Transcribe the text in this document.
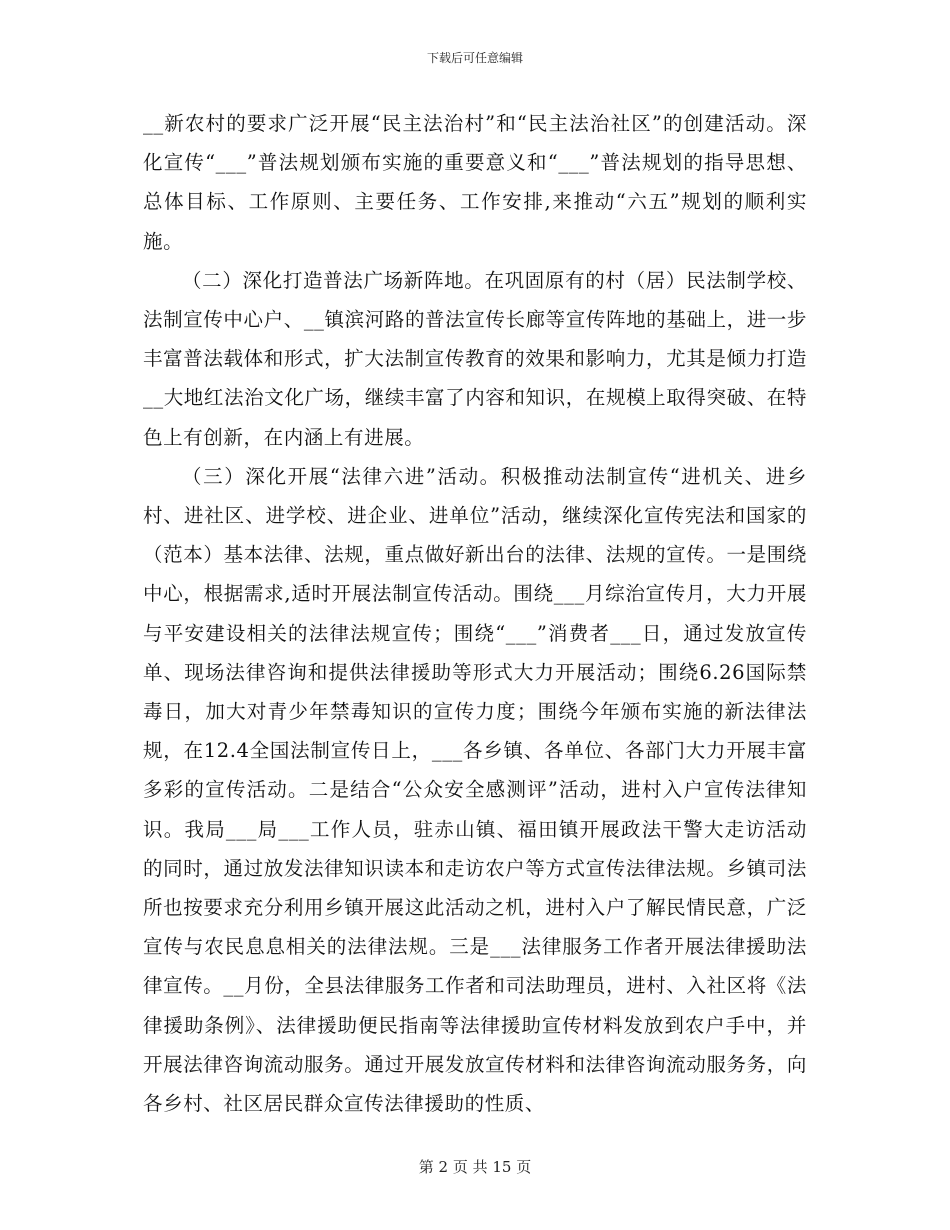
下载后可任意编辑

__新农村的要求广泛开展“民主法治村”和“民主法治社区”的创建活动。深化宣传“___”普法规划颁布实施的重要意义和“___”普法规划的指导思想、总体目标、工作原则、主要任务、工作安排,来推动“六五”规划的顺利实施。

（二）深化打造普法广场新阵地。在巩固原有的村（居）民法制学校、法制宣传中心户、__镇滨河路的普法宣传长廊等宣传阵地的基础上，进一步丰富普法载体和形式，扩大法制宣传教育的效果和影响力，尤其是倾力打造__大地红法治文化广场，继续丰富了内容和知识，在规模上取得突破、在特色上有创新，在内涵上有进展。

（三）深化开展“法律六进”活动。积极推动法制宣传“进机关、进乡村、进社区、进学校、进企业、进单位”活动，继续深化宣传宪法和国家的（范本）基本法律、法规，重点做好新出台的法律、法规的宣传。一是围绕中心，根据需求,适时开展法制宣传活动。围绕___月综治宣传月，大力开展与平安建设相关的法律法规宣传；围绕“___”消费者___日，通过发放宣传单、现场法律咨询和提供法律援助等形式大力开展活动；围绕6.26国际禁毒日，加大对青少年禁毒知识的宣传力度；围绕今年颁布实施的新法律法规，在12.4全国法制宣传日上，___各乡镇、各单位、各部门大力开展丰富多彩的宣传活动。二是结合“公众安全感测评”活动，进村入户宣传法律知识。我局___局___工作人员，驻赤山镇、福田镇开展政法干警大走访活动的同时，通过放发法律知识读本和走访农户等方式宣传法律法规。乡镇司法所也按要求充分利用乡镇开展这此活动之机，进村入户了解民情民意，广泛宣传与农民息息相关的法律法规。三是___法律服务工作者开展法律援助法律宣传。__月份，全县法律服务工作者和司法助理员，进村、入社区将《法律援助条例》、法律援助便民指南等法律援助宣传材料发放到农户手中，并开展法律咨询流动服务。通过开展发放宣传材料和法律咨询流动服务务，向各乡村、社区居民群众宣传法律援助的性质、

第 2 页 共 15 页
